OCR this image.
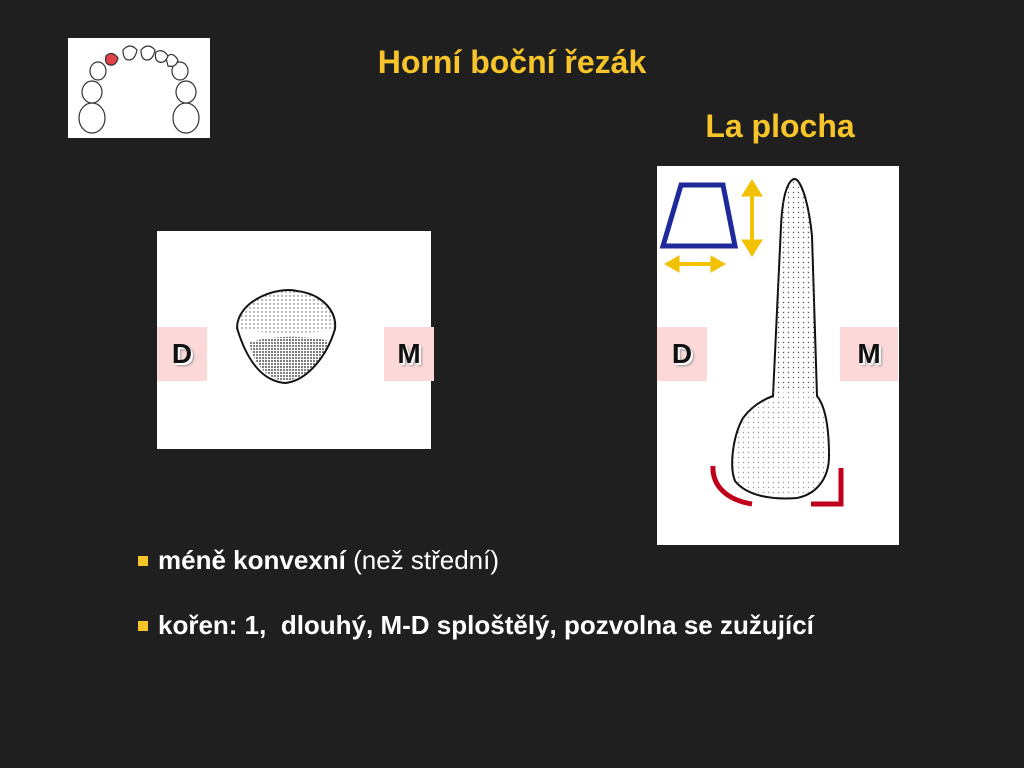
Horní boční řezák
La plocha
D	M	D	M
méně konvexní (než střední)
kořen: 1,  dlouhý, M-D sploštělý, pozvolna se zužující
